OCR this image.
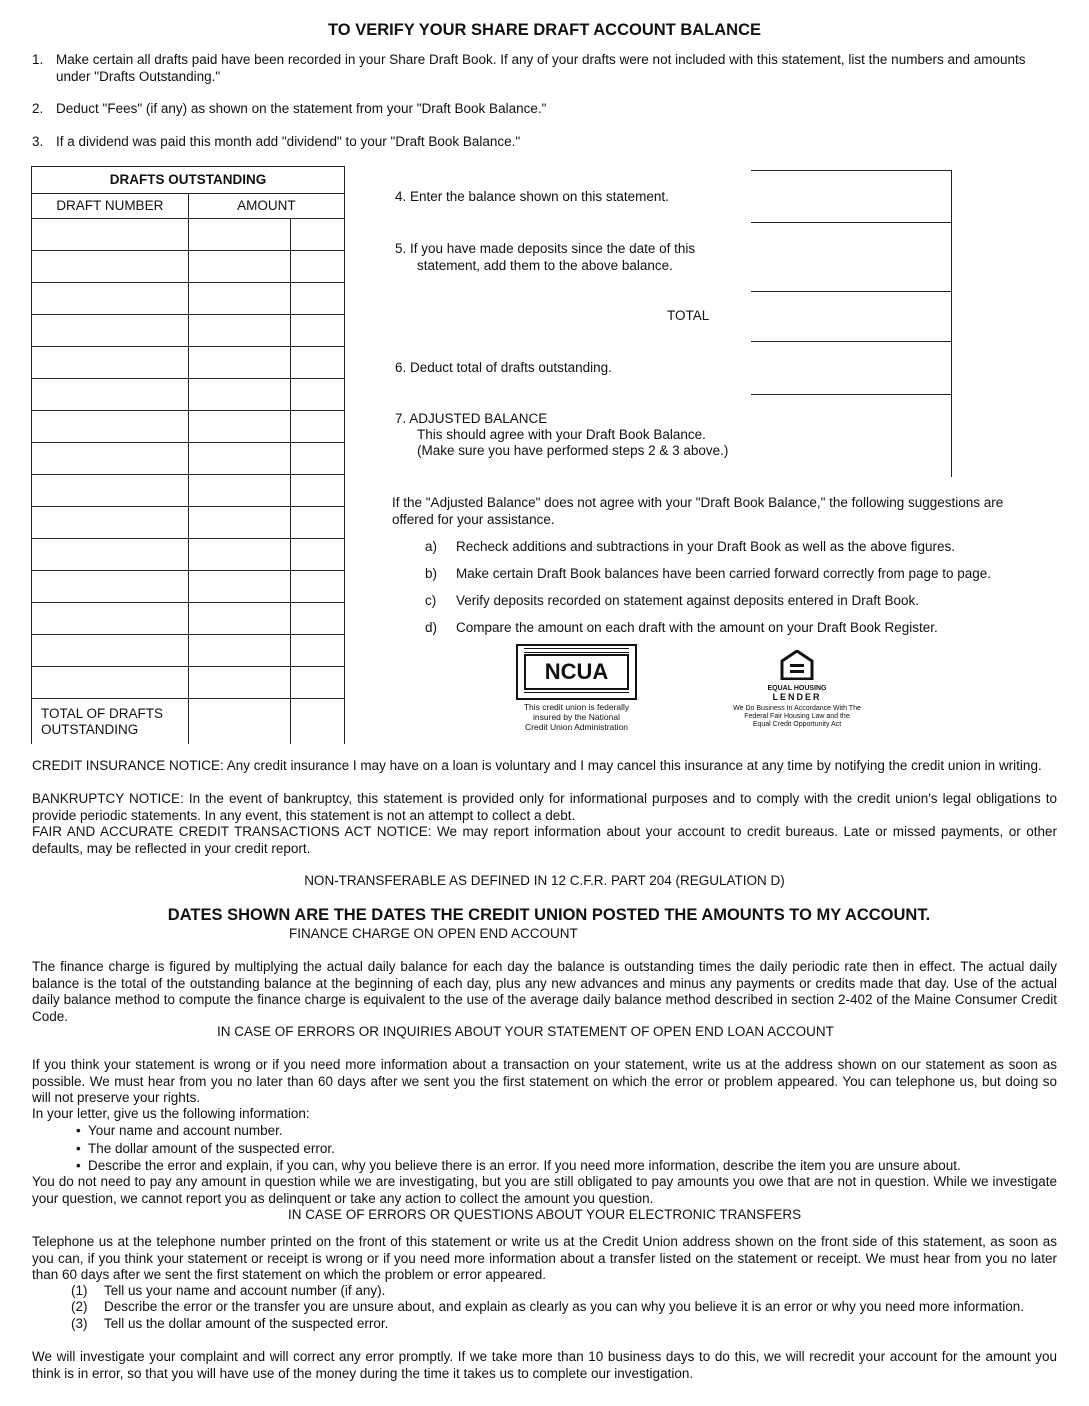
TO VERIFY YOUR SHARE DRAFT ACCOUNT BALANCE
1. Make certain all drafts paid have been recorded in your Share Draft Book. If any of your drafts were not included with this statement, list the numbers and amounts under "Drafts Outstanding."
2. Deduct "Fees" (if any) as shown on the statement from your "Draft Book Balance."
3. If a dividend was paid this month add "dividend" to your "Draft Book Balance."
DRAFTS OUTSTANDING		
DRAFT NUMBER	AMOUNT	

TOTAL OF DRAFTS
OUTSTANDING		
4. Enter the balance shown on this statement.
5. If you have made deposits since the date of this
statement, add them to the above balance.
TOTAL
6. Deduct total of drafts outstanding.
7. ADJUSTED BALANCE
This should agree with your Draft Book Balance.
(Make sure you have performed steps 2 & 3 above.)
If the "Adjusted Balance" does not agree with your "Draft Book Balance," the following suggestions are offered for your assistance.
a) Recheck additions and subtractions in your Draft Book as well as the above figures.
b) Make certain Draft Book balances have been carried forward correctly from page to page.
c) Verify deposits recorded on statement against deposits entered in Draft Book.
d) Compare the amount on each draft with the amount on your Draft Book Register.
NCUA
This credit union is federally
insured by the National
Credit Union Administration
EQUAL HOUSING
LENDER
We Do Business In Accordance With The
Federal Fair Housing Law and the
Equal Credit Opportunity Act
CREDIT INSURANCE NOTICE: Any credit insurance I may have on a loan is voluntary and I may cancel this insurance at any time by notifying the credit union in writing.
BANKRUPTCY NOTICE: In the event of bankruptcy, this statement is provided only for informational purposes and to comply with the credit union's legal obligations to provide periodic statements. In any event, this statement is not an attempt to collect a debt.
FAIR AND ACCURATE CREDIT TRANSACTIONS ACT NOTICE: We may report information about your account to credit bureaus. Late or missed payments, or other defaults, may be reflected in your credit report.
NON-TRANSFERABLE AS DEFINED IN 12 C.F.R. PART 204 (REGULATION D)
DATES SHOWN ARE THE DATES THE CREDIT UNION POSTED THE AMOUNTS TO MY ACCOUNT.
FINANCE CHARGE ON OPEN END ACCOUNT
The finance charge is figured by multiplying the actual daily balance for each day the balance is outstanding times the daily periodic rate then in effect. The actual daily balance is the total of the outstanding balance at the beginning of each day, plus any new advances and minus any payments or credits made that day. Use of the actual daily balance method to compute the finance charge is equivalent to the use of the average daily balance method described in section 2-402 of the Maine Consumer Credit Code.
IN CASE OF ERRORS OR INQUIRIES ABOUT YOUR STATEMENT OF OPEN END LOAN ACCOUNT
If you think your statement is wrong or if you need more information about a transaction on your statement, write us at the address shown on our statement as soon as possible. We must hear from you no later than 60 days after we sent you the first statement on which the error or problem appeared. You can telephone us, but doing so will not preserve your rights.
In your letter, give us the following information:
• Your name and account number.
• The dollar amount of the suspected error.
• Describe the error and explain, if you can, why you believe there is an error. If you need more information, describe the item you are unsure about.
You do not need to pay any amount in question while we are investigating, but you are still obligated to pay amounts you owe that are not in question. While we investigate your question, we cannot report you as delinquent or take any action to collect the amount you question.
IN CASE OF ERRORS OR QUESTIONS ABOUT YOUR ELECTRONIC TRANSFERS
Telephone us at the telephone number printed on the front of this statement or write us at the Credit Union address shown on the front side of this statement, as soon as you can, if you think your statement or receipt is wrong or if you need more information about a transfer listed on the statement or receipt. We must hear from you no later than 60 days after we sent the first statement on which the problem or error appeared.
(1) Tell us your name and account number (if any).
(2) Describe the error or the transfer you are unsure about, and explain as clearly as you can why you believe it is an error or why you need more information.
(3) Tell us the dollar amount of the suspected error.
We will investigate your complaint and will correct any error promptly. If we take more than 10 business days to do this, we will recredit your account for the amount you think is in error, so that you will have use of the money during the time it takes us to complete our investigation.
